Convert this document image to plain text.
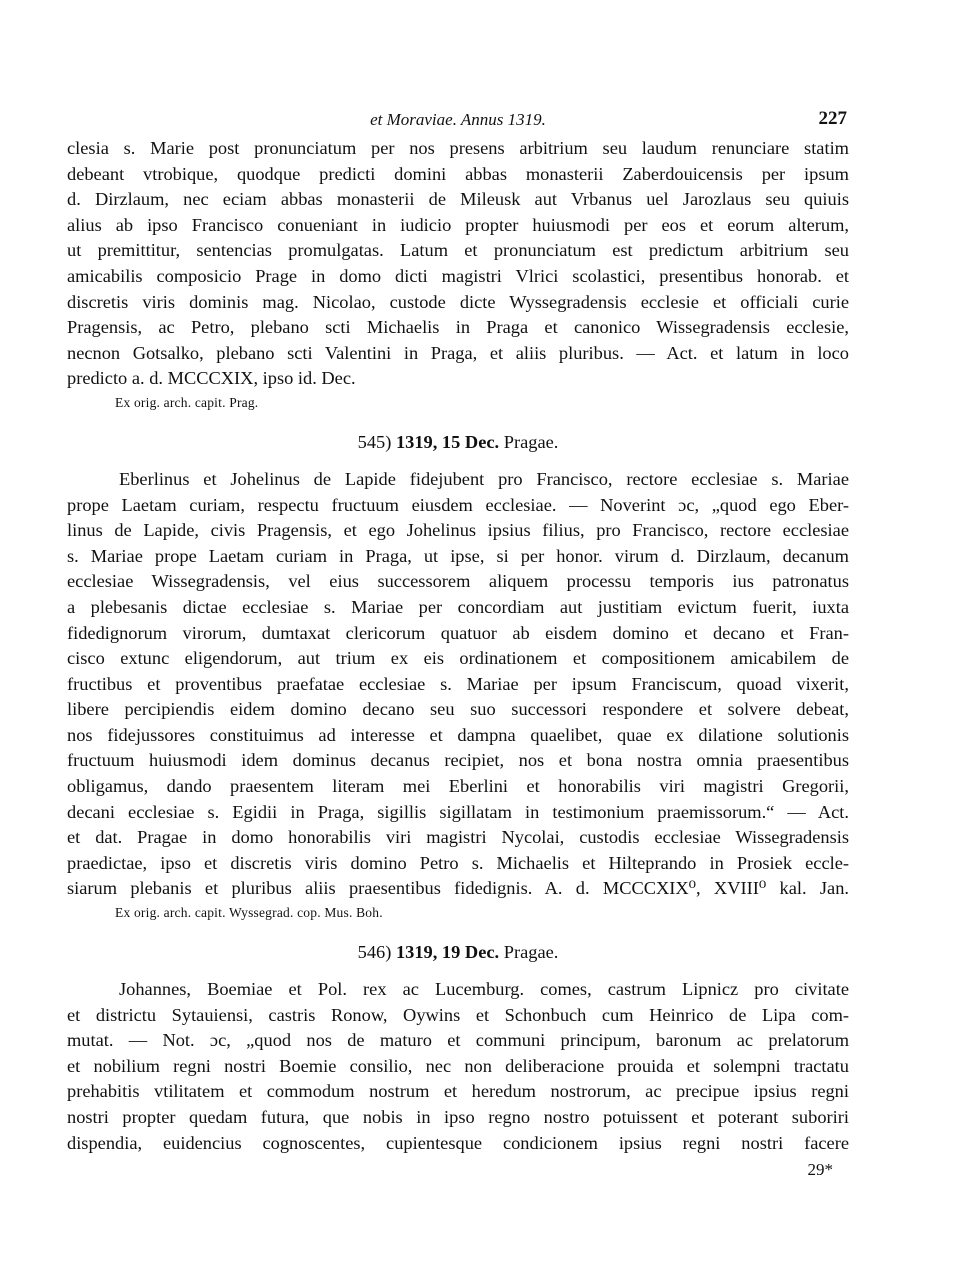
et Moraviae. Annus 1319.	227
clesia s. Marie post pronunciatum per nos presens arbitrium seu laudum renunciare statim
debeant vtrobique, quodque predicti domini abbas monasterii Zaberdouicensis per ipsum
d. Dirzlaum, nec eciam abbas monasterii de Mileusk aut Vrbanus uel Jarozlaus seu quiuis
alius ab ipso Francisco conueniant in iudicio propter huiusmodi per eos et eorum alterum,
ut premittitur, sentencias promulgatas. Latum et pronunciatum est predictum arbitrium seu
amicabilis composicio Prage in domo dicti magistri Vlrici scolastici, presentibus honorab. et
discretis viris dominis mag. Nicolao, custode dicte Wyssegradensis ecclesie et officiali curie
Pragensis, ac Petro, plebano scti Michaelis in Praga et canonico Wissegradensis ecclesie,
necnon Gotsalko, plebano scti Valentini in Praga, et aliis pluribus. — Act. et latum in loco
predicto a. d. MCCCXIX, ipso id. Dec.
Ex orig. arch. capit. Prag.
545) 1319, 15 Dec. Pragae.
Eberlinus et Johelinus de Lapide fidejubent pro Francisco, rectore ecclesiae s. Mariae
prope Laetam curiam, respectu fructuum eiusdem ecclesiae. — Noverint ɔc, „quod ego Eber-
linus de Lapide, civis Pragensis, et ego Johelinus ipsius filius, pro Francisco, rectore ecclesiae
s. Mariae prope Laetam curiam in Praga, ut ipse, si per honor. virum d. Dirzlaum, decanum
ecclesiae Wissegradensis, vel eius successorem aliquem processu temporis ius patronatus
a plebesanis dictae ecclesiae s. Mariae per concordiam aut justitiam evictum fuerit, iuxta
fidedignorum virorum, dumtaxat clericorum quatuor ab eisdem domino et decano et Fran-
cisco extunc eligendorum, aut trium ex eis ordinationem et compositionem amicabilem de
fructibus et proventibus praefatae ecclesiae s. Mariae per ipsum Franciscum, quoad vixerit,
libere percipiendis eidem domino decano seu suo successori respondere et solvere debeat,
nos fidejussores constituimus ad interesse et dampna quaelibet, quae ex dilatione solutionis
fructuum huiusmodi idem dominus decanus recipiet, nos et bona nostra omnia praesentibus
obligamus, dando praesentem literam mei Eberlini et honorabilis viri magistri Gregorii,
decani ecclesiae s. Egidii in Praga, sigillis sigillatam in testimonium praemissorum.“ — Act.
et dat. Pragae in domo honorabilis viri magistri Nycolai, custodis ecclesiae Wissegradensis
praedictae, ipso et discretis viris domino Petro s. Michaelis et Hilteprando in Prosiek eccle-
siarum plebanis et pluribus aliis praesentibus fidedignis. A. d. MCCCXIX⁰, XVIII⁰ kal. Jan.
Ex orig. arch. capit. Wyssegrad. cop. Mus. Boh.
546) 1319, 19 Dec. Pragae.
Johannes, Boemiae et Pol. rex ac Lucemburg. comes, castrum Lipnicz pro civitate
et districtu Sytauiensi, castris Ronow, Oywins et Schonbuch cum Heinrico de Lipa com-
mutat. — Not. ɔc, „quod nos de maturo et communi principum, baronum ac prelatorum
et nobilium regni nostri Boemie consilio, nec non deliberacione prouida et solempni tractatu
prehabitis vtilitatem et commodum nostrum et heredum nostrorum, ac precipue ipsius regni
nostri propter quedam futura, que nobis in ipso regno nostro potuissent et poterant suboriri
dispendia, euidencius cognoscentes, cupientesque condicionem ipsius regni nostri facere
29*
